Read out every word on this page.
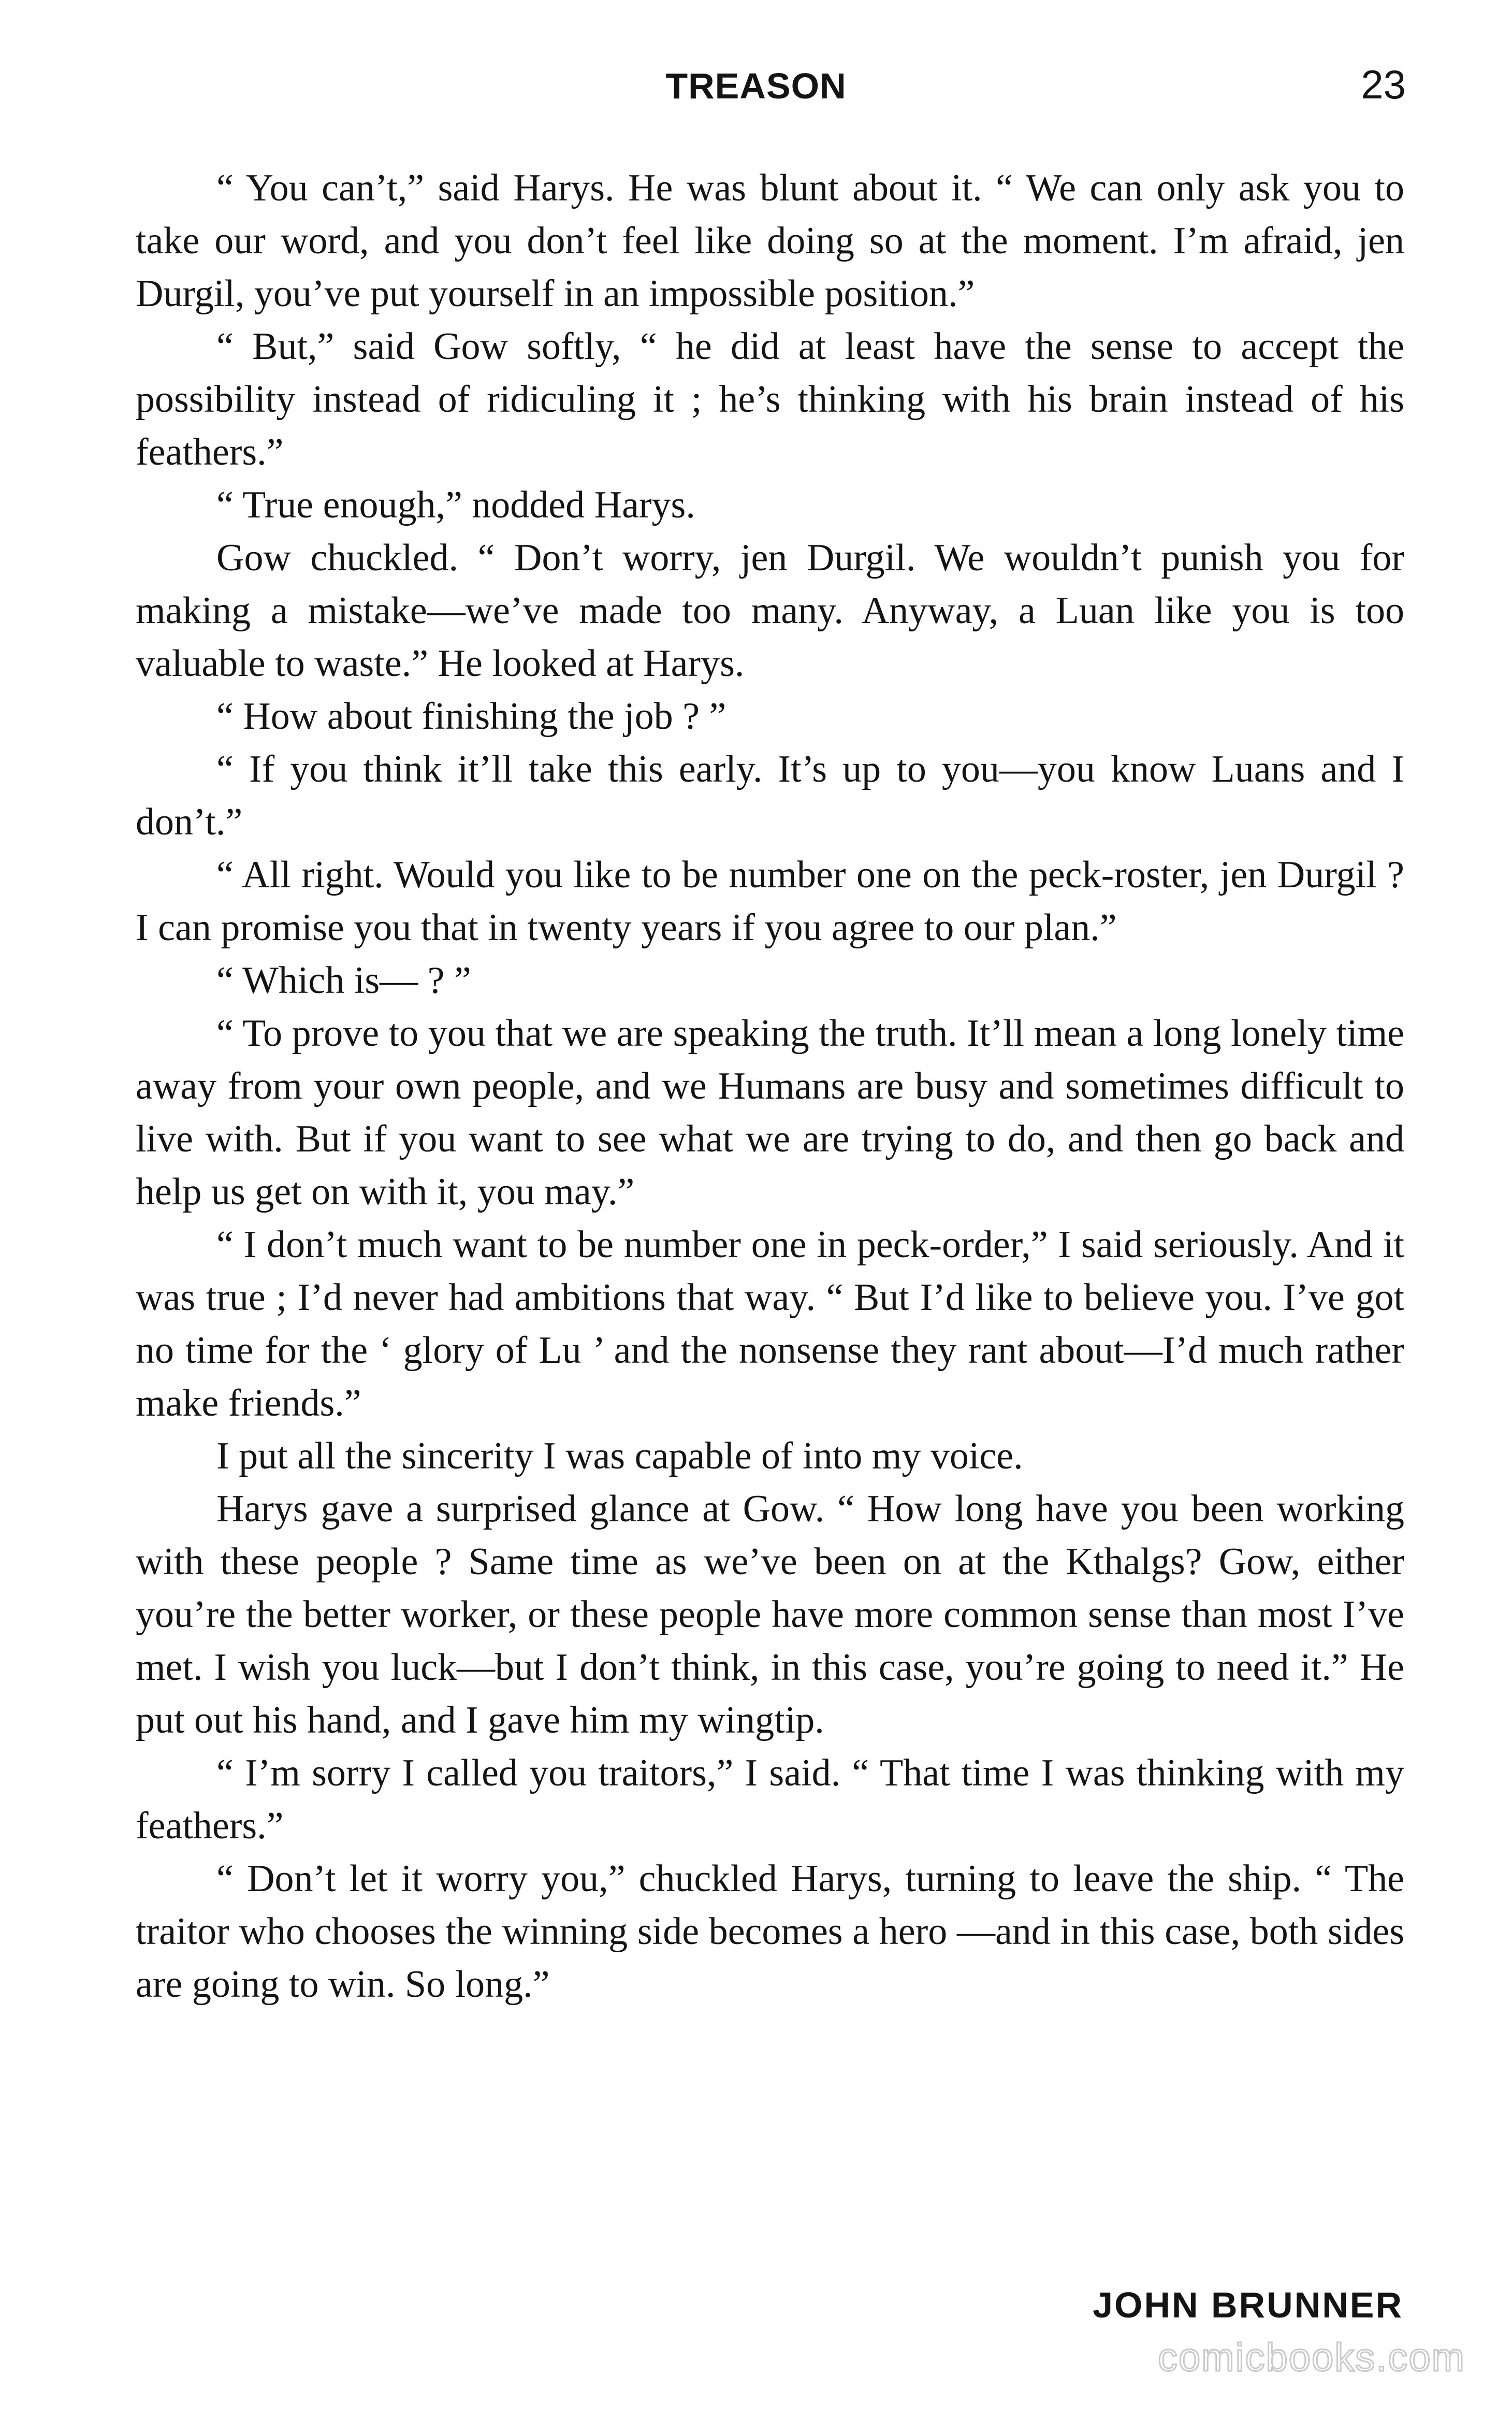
TREASON	23

“ You can’t,” said Harys. He was blunt about it. “ We can only ask you to take our word, and you don’t feel like doing so at the moment. I’m afraid, jen Durgil, you’ve put yourself in an impossible position.”

“ But,” said Gow softly, “ he did at least have the sense to accept the possibility instead of ridiculing it ; he’s thinking with his brain instead of his feathers.”

“ True enough,” nodded Harys.

Gow chuckled. “ Don’t worry, jen Durgil. We wouldn’t punish you for making a mistake—we’ve made too many. Anyway, a Luan like you is too valuable to waste.” He looked at Harys.

“ How about finishing the job ? ”

“ If you think it’ll take this early. It’s up to you—you know Luans and I don’t.”

“ All right. Would you like to be number one on the peck-roster, jen Durgil ? I can promise you that in twenty years if you agree to our plan.”

“ Which is— ? ”

“ To prove to you that we are speaking the truth. It’ll mean a long lonely time away from your own people, and we Humans are busy and sometimes difficult to live with. But if you want to see what we are trying to do, and then go back and help us get on with it, you may.”

“ I don’t much want to be number one in peck-order,” I said seriously. And it was true ; I’d never had ambitions that way. “ But I’d like to believe you. I’ve got no time for the ‘ glory of Lu ’ and the nonsense they rant about—I’d much rather make friends.”

I put all the sincerity I was capable of into my voice.

Harys gave a surprised glance at Gow. “ How long have you been working with these people ? Same time as we’ve been on at the Kthalgs? Gow, either you’re the better worker, or these people have more common sense than most I’ve met. I wish you luck—but I don’t think, in this case, you’re going to need it.” He put out his hand, and I gave him my wingtip.

“ I’m sorry I called you traitors,” I said. “ That time I was thinking with my feathers.”

“ Don’t let it worry you,” chuckled Harys, turning to leave the ship. “ The traitor who chooses the winning side becomes a hero —and in this case, both sides are going to win. So long.”

JOHN BRUNNER
comicbooks.com
